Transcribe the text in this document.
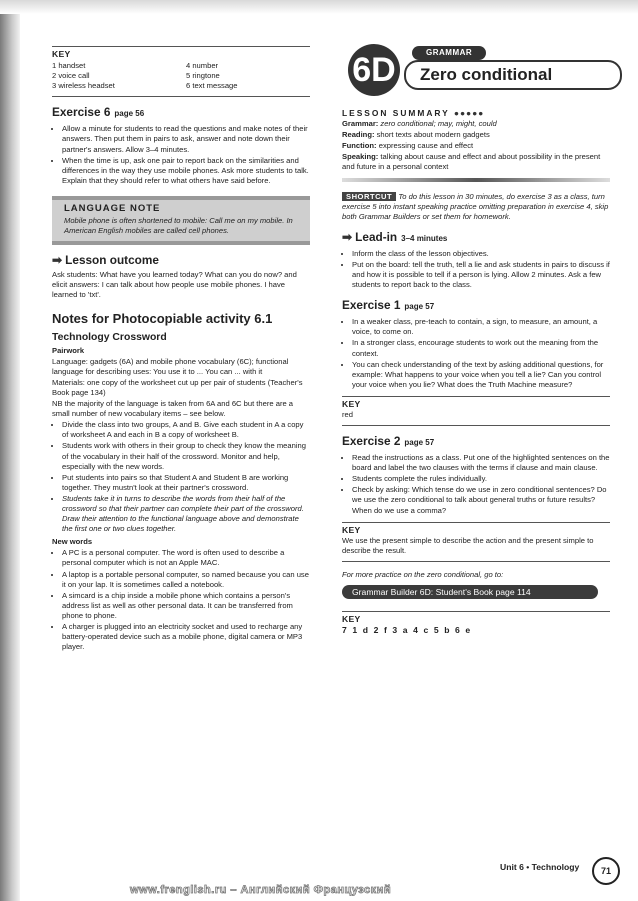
KEY
1 handset	4 number
2 voice call	5 ringtone
3 wireless headset	6 text message
Exercise 6 page 56
• Allow a minute for students to read the questions and make notes of their answers. Then put them in pairs to ask, answer and note down their partner's answers. Allow 3–4 minutes.
• When the time is up, ask one pair to report back on the similarities and differences in the way they use mobile phones. Ask more students to talk. Explain that they should refer to what others have said before.
LANGUAGE NOTE
Mobile phone is often shortened to mobile: Call me on my mobile. In American English mobiles are called cell phones.
➡ Lesson outcome

Ask students: What have you learned today? What can you do now? and elicit answers: I can talk about how people use mobile phones. I have learned to 'txt'.

Notes for Photocopiable activity 6.1
Technology Crossword

Pairwork

Language: gadgets (6A) and mobile phone vocabulary (6C); functional language for describing uses: You use it to ... You can ... with it

Materials: one copy of the worksheet cut up per pair of students (Teacher's Book page 134)

NB the majority of the language is taken from 6A and 6C but there are a small number of new vocabulary items – see below.

• Divide the class into two groups, A and B. Give each student in A a copy of worksheet A and each in B a copy of worksheet B.
• Students work with others in their group to check they know the meaning of the vocabulary in their half of the crossword. Monitor and help, especially with the new words.
• Put students into pairs so that Student A and Student B are working together. They mustn't look at their partner's crossword.
• Students take it in turns to describe the words from their half of the crossword so that their partner can complete their part of the crossword. Draw their attention to the functional language above and demonstrate the first one or two clues together.

New words

• A PC is a personal computer. The word is often used to describe a personal computer which is not an Apple MAC.
• A laptop is a portable personal computer, so named because you can use it on your lap. It is sometimes called a notebook.
• A simcard is a chip inside a mobile phone which contains a person's address list as well as other personal data. It can be transferred from phone to phone.
• A charger is plugged into an electricity socket and used to recharge any battery-operated device such as a mobile phone, digital camera or MP3 player.
Zero conditional
6D	GRAMMAR
LESSON SUMMARY ●●●●●

Grammar: zero conditional; may, might, could

Reading: short texts about modern gadgets

Function: expressing cause and effect

Speaking: talking about cause and effect and about possibility in the present and future in a personal context

SHORTCUT To do this lesson in 30 minutes, do exercise 3 as a class, turn exercise 5 into instant speaking practice omitting preparation in exercise 4, skip both Grammar Builders or set them for homework.

➡ Lead-in 3–4 minutes
• Inform the class of the lesson objectives.
• Put on the board: tell the truth, tell a lie and ask students in pairs to discuss if and how it is possible to tell if a person is lying. Allow 2 minutes. Ask a few students to report back to the class.
Exercise 1 page 57
• In a weaker class, pre-teach to contain, a sign, to measure, an amount, a voice, to come on.
• In a stronger class, encourage students to work out the meaning from the context.
• You can check understanding of the text by asking additional questions, for example: What happens to your voice when you tell a lie? Can you control your voice when you lie? What does the Truth Machine measure?
KEY

red

Exercise 2 page 57
• Read the instructions as a class. Put one of the highlighted sentences on the board and label the two clauses with the terms if clause and main clause.
• Students complete the rules individually.
• Check by asking: Which tense do we use in zero conditional sentences? Do we use the zero conditional to talk about general truths or future results? When do we use a comma?
KEY

We use the present simple to describe the action and the present simple to describe the result.

For more practice on the zero conditional, go to:

Grammar Builder 6D: Student's Book page 114
KEY

7 1 d 2 f 3 a 4 c 5 b 6 e

Unit 6 • Technology	71
www.frenglish.ru – Английский Французский
